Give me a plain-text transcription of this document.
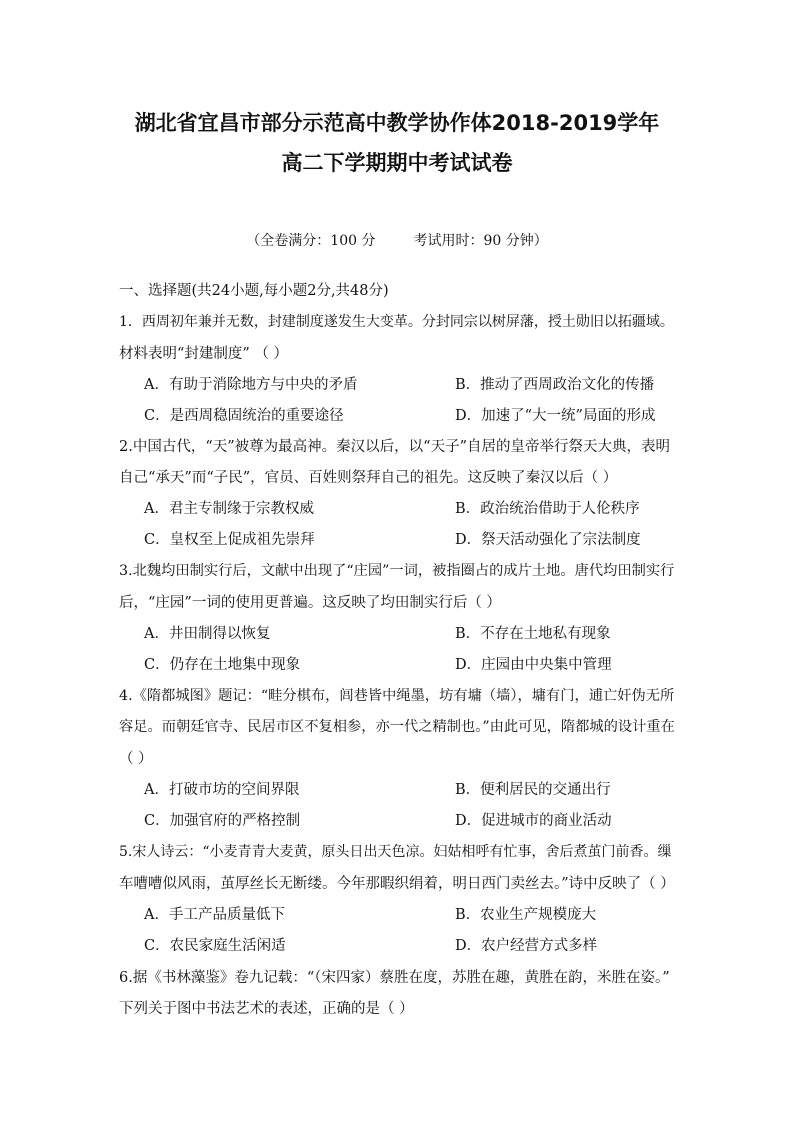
湖北省宜昌市部分示范高中教学协作体2018-2019学年
高二下学期期中考试试卷
（全卷满分：100 分	考试用时：90 分钟）
一、选择题(共24小题,每小题2分,共48分)
1．西周初年兼并无数，封建制度遂发生大变革。分封同宗以树屏藩，授土勋旧以拓疆域。
材料表明“封建制度” （ ）
A．有助于消除地方与中央的矛盾	B．推动了西周政治文化的传播
C．是西周稳固统治的重要途径	D．加速了“大一统”局面的形成
2.中国古代，“天”被尊为最高神。秦汉以后，以“天子”自居的皇帝举行祭天大典，表明
自己“承天”而“子民”，官员、百姓则祭拜自己的祖先。这反映了秦汉以后（ ）
A．君主专制缘于宗教权威	B．政治统治借助于人伦秩序
C．皇权至上促成祖先崇拜	D．祭天活动强化了宗法制度
3.北魏均田制实行后，文献中出现了“庄园”一词，被指圈占的成片土地。唐代均田制实行
后，“庄园”一词的使用更普遍。这反映了均田制实行后（ ）
A．井田制得以恢复	B．不存在土地私有现象
C．仍存在土地集中现象	D．庄园由中央集中管理
4.《隋都城图》题记：“畦分棋布，闾巷皆中绳墨，坊有墉（墙），墉有门，逋亡奸伪无所
容足。而朝廷官寺、民居市区不复相参，亦一代之精制也。”由此可见，隋都城的设计重在
（ ）
A．打破市坊的空间界限	B．便利居民的交通出行
C．加强官府的严格控制	D．促进城市的商业活动
5.宋人诗云：“小麦青青大麦黄，原头日出天色凉。妇姑相呼有忙事，舍后煮茧门前香。缫
车嘈嘈似风雨，茧厚丝长无断缕。今年那暇织绢着，明日西门卖丝去。”诗中反映了（ ）
A．手工产品质量低下	B．农业生产规模庞大
C．农民家庭生活闲适	D．农户经营方式多样
6.据《书林藻鉴》卷九记载：“（宋四家）蔡胜在度，苏胜在趣，黄胜在韵，米胜在姿。”
下列关于图中书法艺术的表述，正确的是（ ）
